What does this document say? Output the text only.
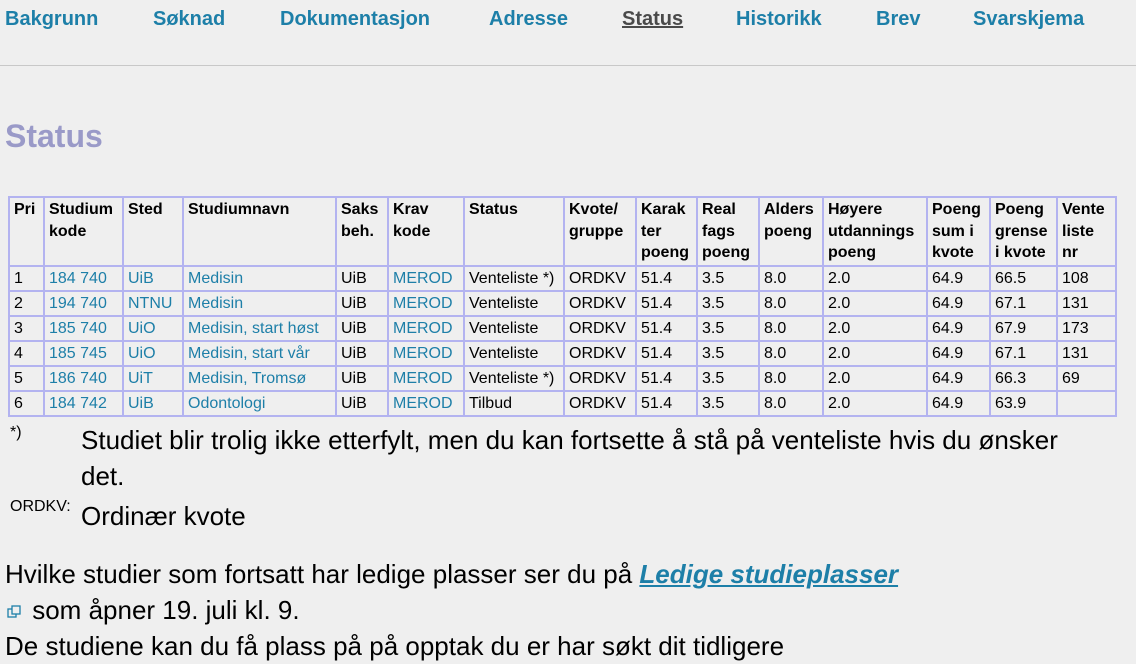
Bakgrunn	Søknad	Dokumentasjon	Adresse	Status	Historikk	Brev	Svarskjema
Status
Pri	Studium kode	Sted	Studiumnavn	Saks beh.	Krav kode	Status	Kvote/ gruppe	Karak ter poeng	Real fags poeng	Alders poeng	Høyere utdannings poeng	Poeng sum i kvote	Poeng grense i kvote	Vente liste nr
1	184 740	UiB	Medisin	UiB	MEROD	Venteliste *)	ORDKV	51.4	3.5	8.0	2.0	64.9	66.5	108
2	194 740	NTNU	Medisin	UiB	MEROD	Venteliste	ORDKV	51.4	3.5	8.0	2.0	64.9	67.1	131
3	185 740	UiO	Medisin, start høst	UiB	MEROD	Venteliste	ORDKV	51.4	3.5	8.0	2.0	64.9	67.9	173
4	185 745	UiO	Medisin, start vår	UiB	MEROD	Venteliste	ORDKV	51.4	3.5	8.0	2.0	64.9	67.1	131
5	186 740	UiT	Medisin, Tromsø	UiB	MEROD	Venteliste *)	ORDKV	51.4	3.5	8.0	2.0	64.9	66.3	69
6	184 742	UiB	Odontologi	UiB	MEROD	Tilbud	ORDKV	51.4	3.5	8.0	2.0	64.9	63.9	
*) Studiet blir trolig ikke etterfylt, men du kan fortsette å stå på venteliste hvis du ønsker det.
ORDKV: Ordinær kvote
Hvilke studier som fortsatt har ledige plasser ser du på Ledige studieplasser som åpner 19. juli kl. 9.
De studiene kan du få plass på på opptak du er har søkt dit tidligere
